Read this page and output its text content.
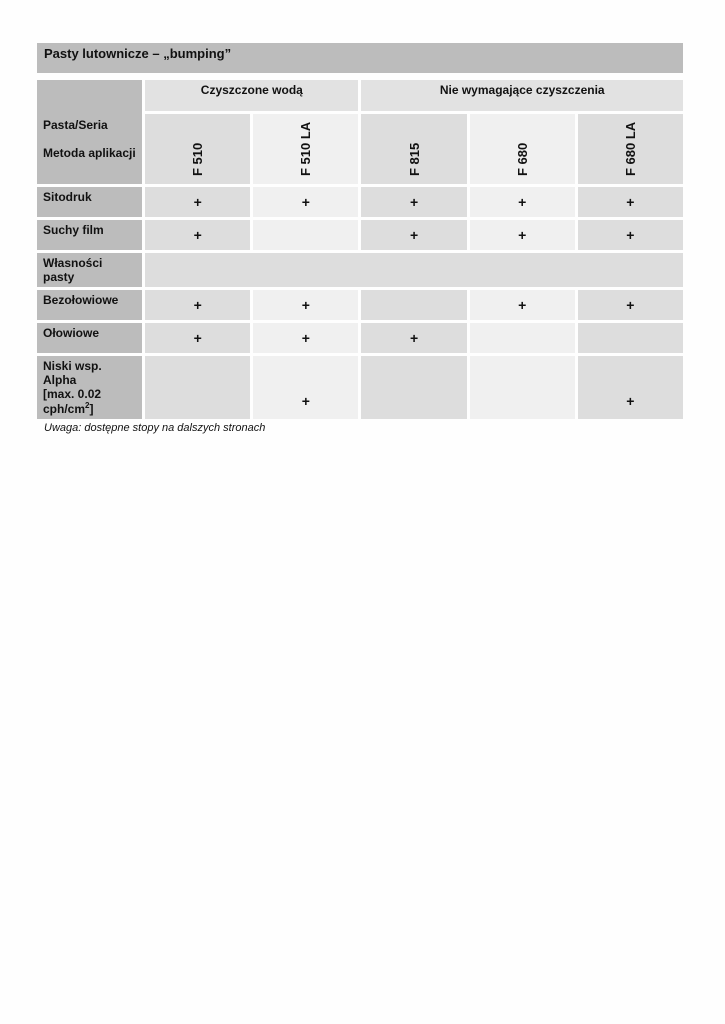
Pasty lutownicze – „bumping”

Pasta/Seria

Metoda aplikacji	Czyszczone wodą		Nie wymagające czyszczenia		

	F 510	F 510 LA	F 815	F 680	F 680 LA

Sitodruk	+	+	+	+	+
Suchy film	+		+	+	+
Własności pasty					
Bezołowiowe	+	+		+	+
Ołowiowe	+	+	+		
Niski wsp. Alpha
[max. 0.02
cph/$cm^2$]		+			+

Uwaga: dostępne stopy na dalszych stronach
